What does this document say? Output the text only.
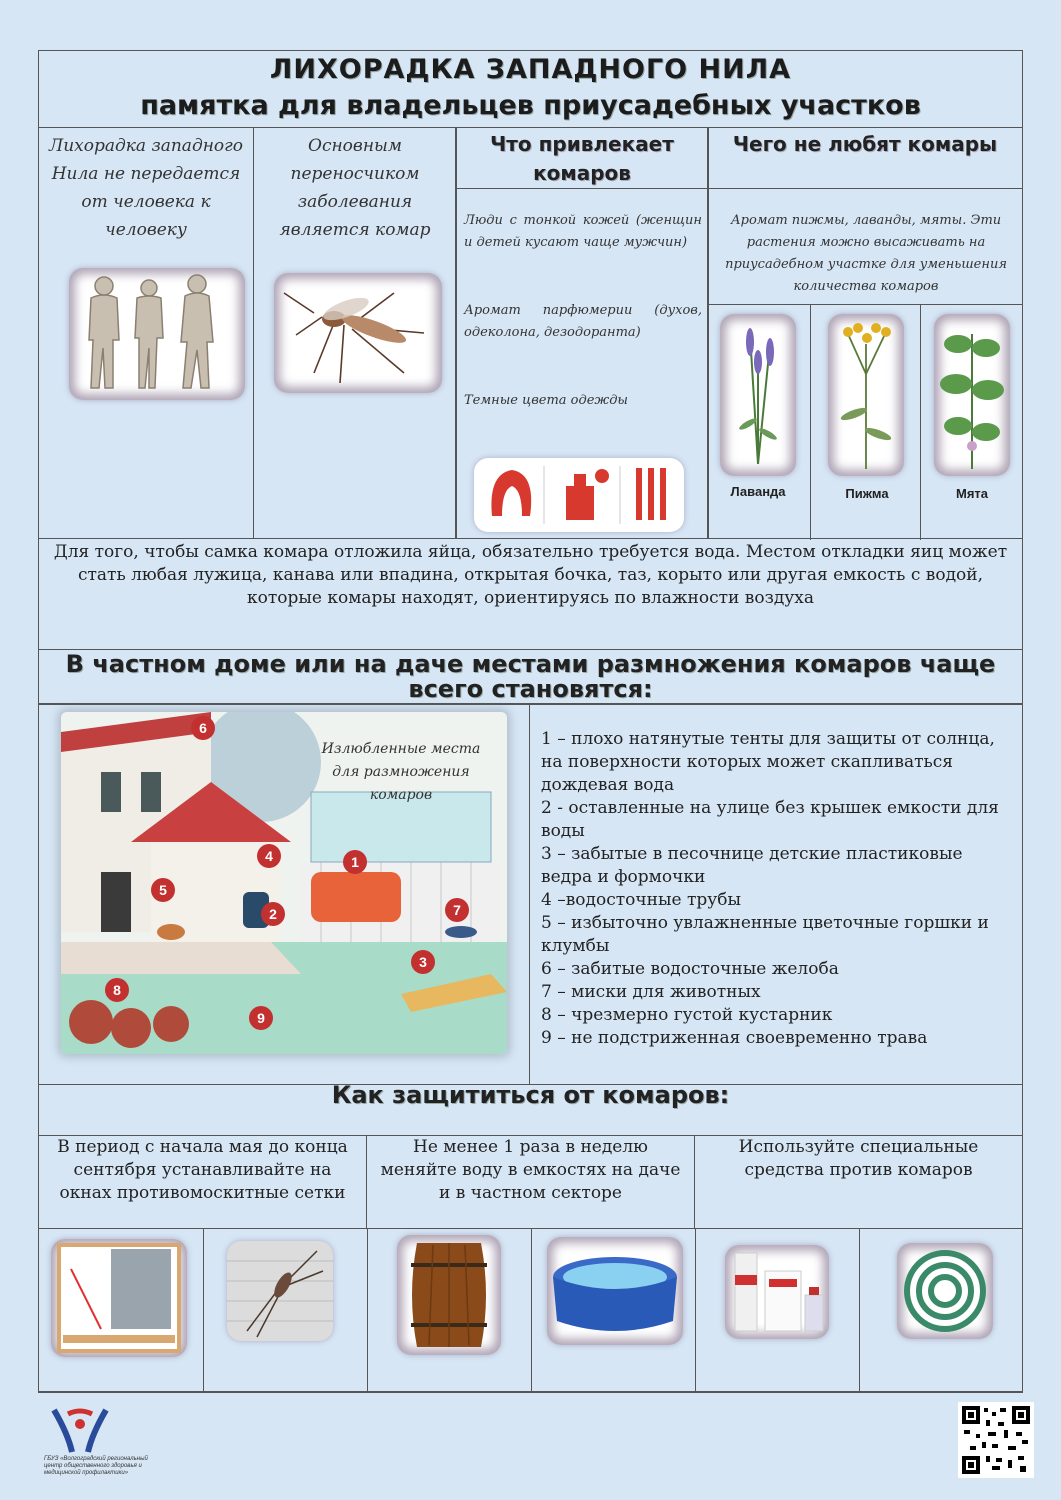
ЛИХОРАДКА ЗАПАДНОГО НИЛА
памятка для владельцев приусадебных участков
Лихорадка западного Нила не передается от человека к человеку
Основным переносчиком заболевания является комар
Что привлекает комаров
Люди с тонкой кожей (женщин и детей кусают чаще мужчин)
Аромат парфюмерии (духов, одеколона, дезодоранта)
Темные цвета одежды
Чего не любят комары
Аромат пижмы, лаванды, мяты. Эти растения можно высаживать на приусадебном участке для уменьшения количества комаров
Лаванда	Пижма	Мята
Для того, чтобы самка комара отложила яйца, обязательно требуется вода. Местом откладки яиц может стать любая лужица, канава или впадина, открытая бочка, таз, корыто или другая емкость с водой, которые комары находят, ориентируясь по влажности воздуха
В частном доме или на даче местами размножения комаров чаще всего становятся:
Излюбленные места для размножения комаров
6
4	1
5
2	7
3
8
9
1 – плохо натянутые тенты для защиты от солнца, на поверхности которых может скапливаться дождевая вода
2 - оставленные на улице без крышек емкости для воды
3 – забытые в песочнице детские пластиковые ведра и формочки
4 –водосточные трубы
5 – избыточно увлажненные цветочные горшки и клумбы
6 – забитые водосточные желоба
7 – миски для животных
8 – чрезмерно густой кустарник
9 – не подстриженная своевременно трава
Как защититься от комаров:
В период с начала мая до конца сентября устанавливайте на окнах противомоскитные сетки
Не менее 1 раза в неделю меняйте воду в емкостях на даче и в частном секторе
Используйте специальные средства против комаров
ГБУЗ «Волгоградский региональный центр общественного здоровья и медицинской профилактики»
